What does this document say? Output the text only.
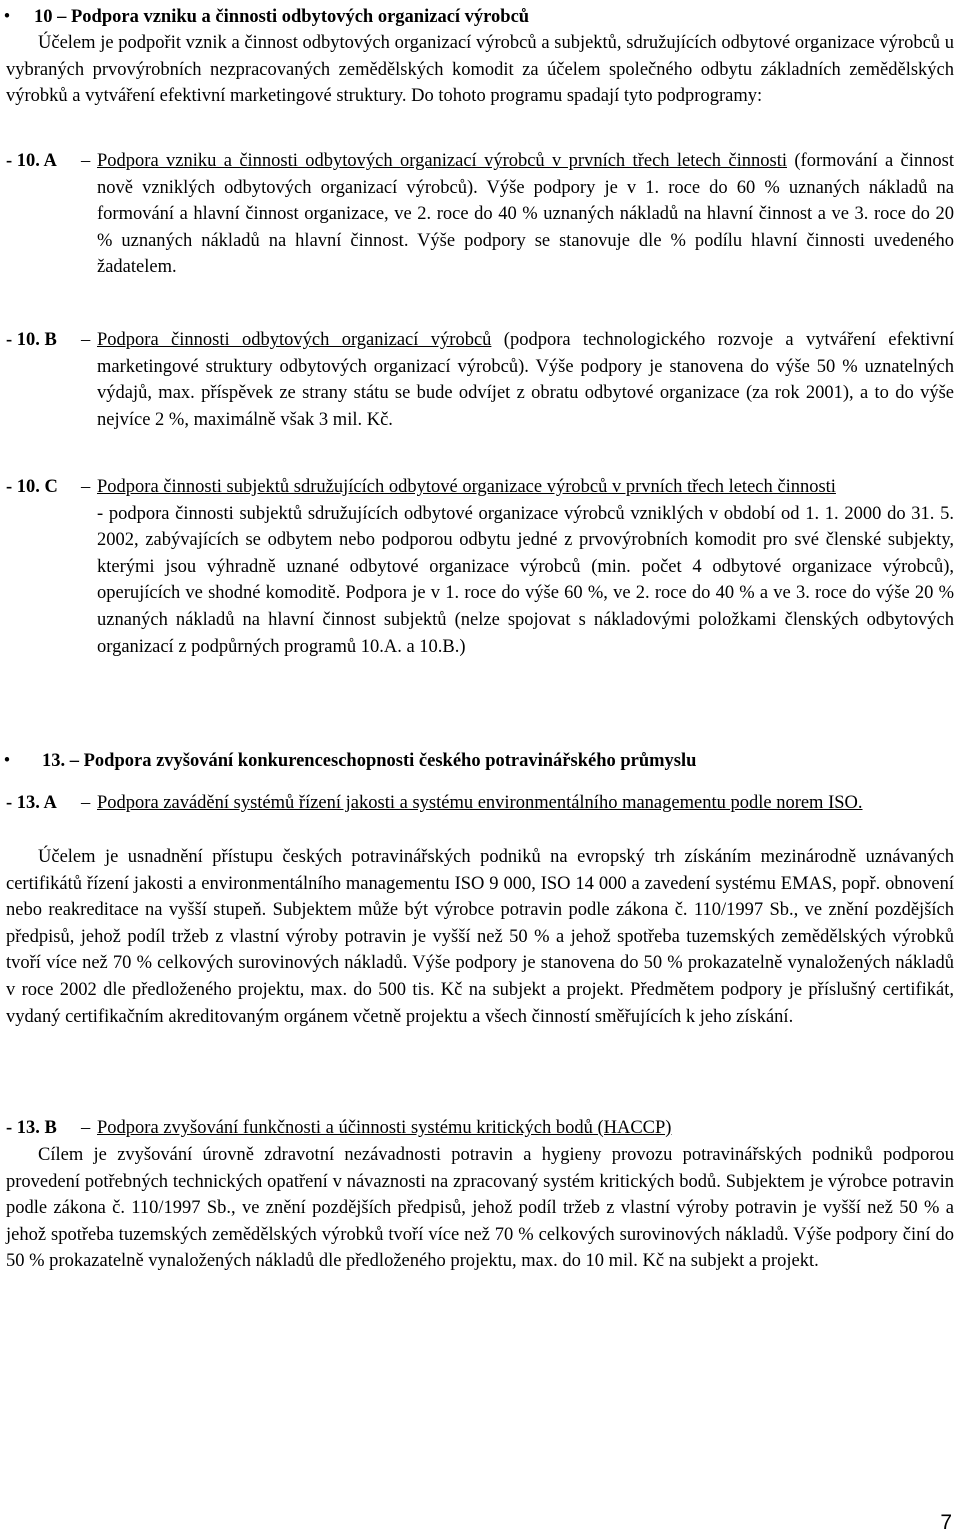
• 10 – Podpora vzniku a činnosti odbytových organizací výrobců
Účelem je podpořit vznik a činnost odbytových organizací výrobců a subjektů, sdružujících odbytové organizace výrobců u vybraných prvovýrobních nezpracovaných zemědělských komodit za účelem společného odbytu základních zemědělských výrobků a vytváření efektivní marketingové struktury. Do tohoto programu spadají tyto podprogramy:
- 10. A – Podpora vzniku a činnosti odbytových organizací výrobců v prvních třech letech činnosti (formování a činnost nově vzniklých odbytových organizací výrobců). Výše podpory je v 1. roce do 60 % uznaných nákladů na formování a hlavní činnost organizace, ve 2. roce do 40 % uznaných nákladů na hlavní činnost a ve 3. roce do 20 % uznaných nákladů na hlavní činnost. Výše podpory se stanovuje dle % podílu hlavní činnosti uvedeného žadatelem.
- 10. B – Podpora činnosti odbytových organizací výrobců (podpora technologického rozvoje a vytváření efektivní marketingové struktury odbytových organizací výrobců). Výše podpory je stanovena do výše 50 % uznatelných výdajů, max. příspěvek ze strany státu se bude odvíjet z obratu odbytové organizace (za rok 2001), a to do výše nejvíce 2 %, maximálně však 3 mil. Kč.
- 10. C – Podpora činnosti subjektů sdružujících odbytové organizace výrobců v prvních třech letech činnosti
- podpora činnosti subjektů sdružujících odbytové organizace výrobců vzniklých v období od 1. 1. 2000 do 31. 5. 2002, zabývajících se odbytem nebo podporou odbytu jedné z prvovýrobních komodit pro své členské subjekty, kterými jsou výhradně uznané odbytové organizace výrobců (min. počet 4 odbytové organizace výrobců), operujících ve shodné komoditě. Podpora je v 1. roce do výše 60 %, ve 2. roce do 40 % a ve 3. roce do výše 20 % uznaných nákladů na hlavní činnost subjektů (nelze spojovat s nákladovými položkami členských odbytových organizací z podpůrných programů 10.A. a 10.B.)
• 13. – Podpora zvyšování konkurenceschopnosti českého potravinářského průmyslu
- 13. A – Podpora zavádění systémů řízení jakosti a systému environmentálního managementu podle norem ISO.
Účelem je usnadnění přístupu českých potravinářských podniků na evropský trh získáním mezinárodně uznávaných certifikátů řízení jakosti a environmentálního managementu ISO 9 000, ISO 14 000 a zavedení systému EMAS, popř. obnovení nebo reakreditace na vyšší stupeň. Subjektem může být výrobce potravin podle zákona č. 110/1997 Sb., ve znění pozdějších předpisů, jehož podíl tržeb z vlastní výroby potravin je vyšší než 50 % a jehož spotřeba tuzemských zemědělských výrobků tvoří více než 70 % celkových surovinových nákladů. Výše podpory je stanovena do 50 % prokazatelně vynaložených nákladů v roce 2002 dle předloženého projektu, max. do 500 tis. Kč na subjekt a projekt. Předmětem podpory je příslušný certifikát, vydaný certifikačním akreditovaným orgánem včetně projektu a všech činností směřujících k jeho získání.
- 13. B – Podpora zvyšování funkčnosti a účinnosti systému kritických bodů (HACCP)
Cílem je zvyšování úrovně zdravotní nezávadnosti potravin a hygieny provozu potravinářských podniků podporou provedení potřebných technických opatření v návaznosti na zpracovaný systém kritických bodů. Subjektem je výrobce potravin podle zákona č. 110/1997 Sb., ve znění pozdějších předpisů, jehož podíl tržeb z vlastní výroby potravin je vyšší než 50 % a jehož spotřeba tuzemských zemědělských výrobků tvoří více než 70 % celkových surovinových nákladů. Výše podpory činí do 50 % prokazatelně vynaložených nákladů dle předloženého projektu, max. do 10 mil. Kč na subjekt a projekt.
7
